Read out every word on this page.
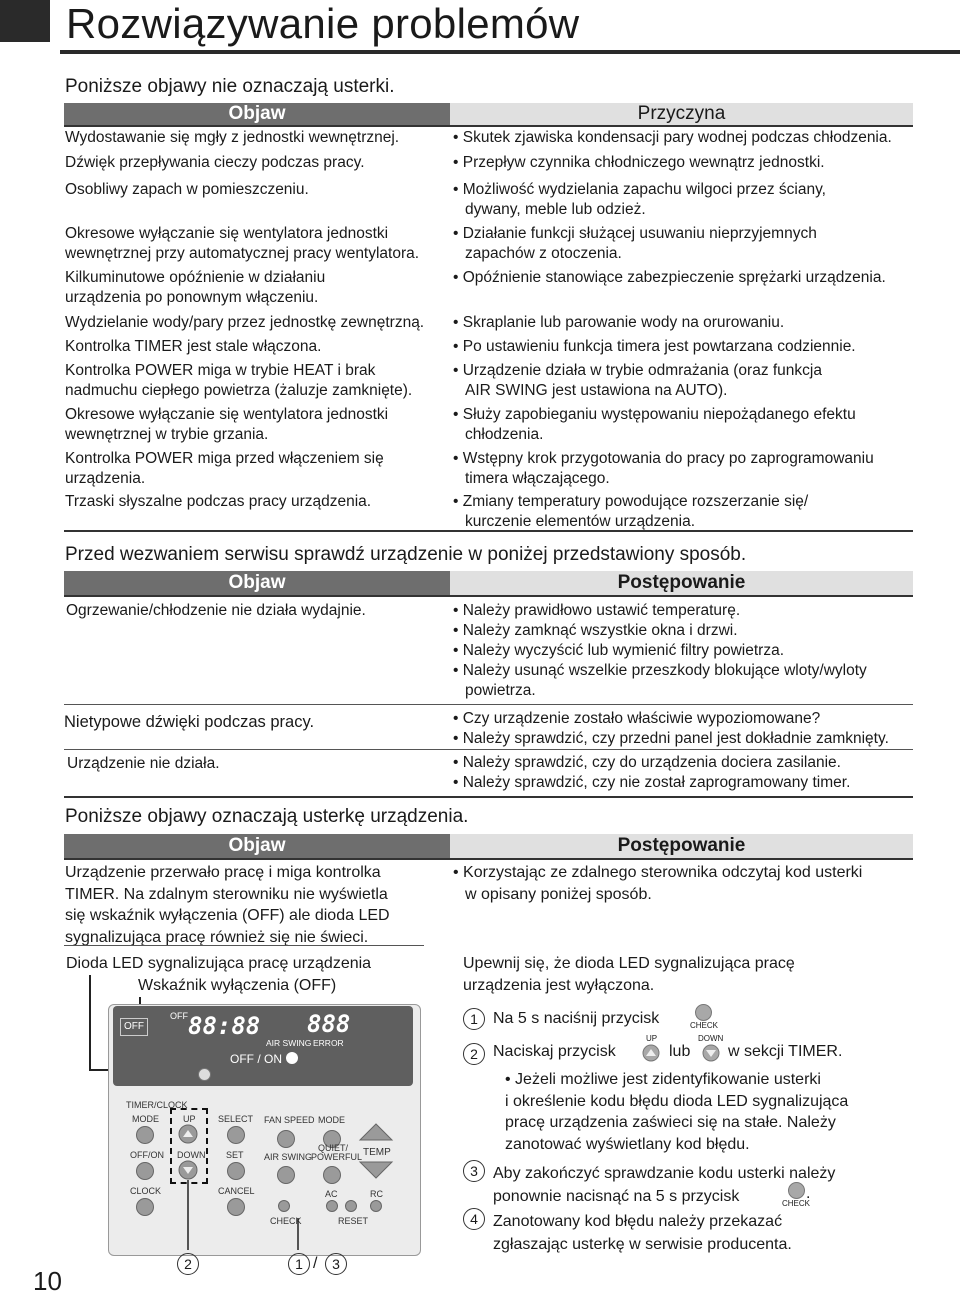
Rozwiązywanie problemów
Poniższe objawy nie oznaczają usterki.
Objaw	Przyczyna
Wydostawanie się mgły z jednostki wewnętrznej.	• Skutek zjawiska kondensacji pary wodnej podczas chłodzenia.
Dźwięk przepływania cieczy podczas pracy.	• Przepływ czynnika chłodniczego wewnątrz jednostki.
Osobliwy zapach w pomieszczeniu.	• Możliwość wydzielania zapachu wilgoci przez ściany,
dywany, meble lub odzież.
Okresowe wyłączanie się wentylatora jednostki
wewnętrznej przy automatycznej pracy wentylatora.
• Działanie funkcji służącej usuwaniu nieprzyjemnych
zapachów z otoczenia.
Kilkuminutowe opóźnienie w działaniu
urządzenia po ponownym włączeniu.
• Opóźnienie stanowiące zabezpieczenie sprężarki urządzenia.
Wydzielanie wody/pary przez jednostkę zewnętrzną. • Skraplanie lub parowanie wody na orurowaniu.
Kontrolka TIMER jest stale włączona.	• Po ustawieniu funkcja timera jest powtarzana codziennie.
Kontrolka POWER miga w trybie HEAT i brak
nadmuchu ciepłego powietrza (żaluzje zamknięte).
• Urządzenie działa w trybie odmrażania (oraz funkcja
AIR SWING jest ustawiona na AUTO).
Okresowe wyłączanie się wentylatora jednostki
wewnętrznej w trybie grzania.
• Służy zapobieganiu występowaniu niepożądanego efektu
chłodzenia.
Kontrolka POWER miga przed włączeniem się
urządzenia.
• Wstępny krok przygotowania do pracy po zaprogramowaniu
timera włączającego.
Trzaski słyszalne podczas pracy urządzenia.	• Zmiany temperatury powodujące rozszerzanie się/
kurczenie elementów urządzenia.
Przed wezwaniem serwisu sprawdź urządzenie w poniżej przedstawiony sposób.
Objaw	Postępowanie
Ogrzewanie/chłodzenie nie działa wydajnie.	• Należy prawidłowo ustawić temperaturę.
• Należy zamknąć wszystkie okna i drzwi.
• Należy wyczyścić lub wymienić filtry powietrza.
• Należy usunąć wszelkie przeszkody blokujące wloty/wyloty
powietrza.
Nietypowe dźwięki podczas pracy.	• Czy urządzenie zostało właściwie wypoziomowane?
• Należy sprawdzić, czy przedni panel jest dokładnie zamknięty.
Urządzenie nie działa.	• Należy sprawdzić, czy do urządzenia dociera zasilanie.
• Należy sprawdzić, czy nie został zaprogramowany timer.
Poniższe objawy oznaczają usterkę urządzenia.
Objaw	Postępowanie
Urządzenie przerwało pracę i miga kontrolka
TIMER. Na zdalnym sterowniku nie wyświetla
się wskaźnik wyłączenia (OFF) ale dioda LED
sygnalizująca pracę również się nie świeci.
• Korzystając ze zdalnego sterownika odczytaj kod usterki
w opisany poniżej sposób.
Dioda LED sygnalizująca pracę urządzenia
Wskaźnik wyłączenia (OFF)
OFF
OFF 88:88 888
AIR SWING ERROR
OFF / ON
TIMER/CLOCK
MODE	UP SELECT FAN SPEED MODE
TEMP
OFF/ON DOWN SET
QUIET/
POWERFUL
AIR SWING
CLOCK	CANCEL	AC	RC
CHECK	RESET
2	1 /	3
Upewnij się, że dioda LED sygnalizująca pracę
urządzenia jest wyłączona.
1 Na 5 s naciśnij przycisk	CHECK
2 Naciskaj przycisk
UP
lub
DOWN
w sekcji TIMER.
• Jeżeli możliwe jest zidentyfikowanie usterki
i określenie kodu błędu dioda LED sygnalizująca
pracę urządzenia zaświeci się na stałe. Należy
zanotować wyświetlany kod błędu.
3 Aby zakończyć sprawdzanie kodu usterki należy
ponownie nacisnąć na 5 s przycisk	CHECK
.
4 Zanotowany kod błędu należy przekazać
zgłaszając usterkę w serwisie producenta.
10
